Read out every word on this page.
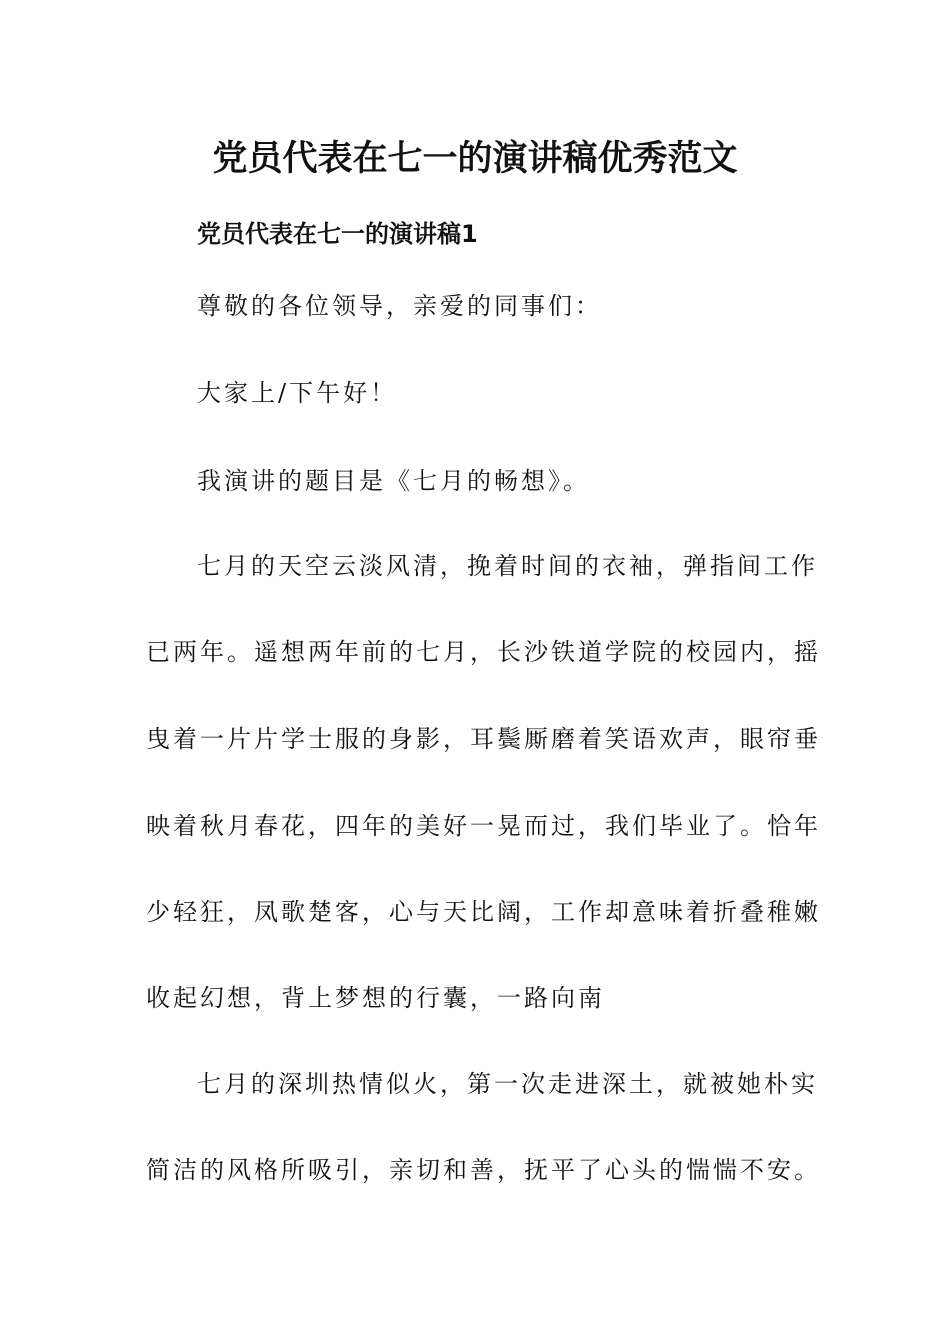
党员代表在七一的演讲稿优秀范文
党员代表在七一的演讲稿1

尊敬的各位领导，亲爱的同事们：

大家上/下午好！

我演讲的题目是《七月的畅想》。

七月的天空云淡风清，挽着时间的衣袖，弹指间工作

已两年。遥想两年前的七月，长沙铁道学院的校园内，摇

曳着一片片学士服的身影，耳鬓厮磨着笑语欢声，眼帘垂

映着秋月春花，四年的美好一晃而过，我们毕业了。恰年

少轻狂，凤歌楚客，心与天比阔，工作却意味着折叠稚嫩

收起幻想，背上梦想的行囊，一路向南

七月的深圳热情似火，第一次走进深土，就被她朴实

简洁的风格所吸引，亲切和善，抚平了心头的惴惴不安。
